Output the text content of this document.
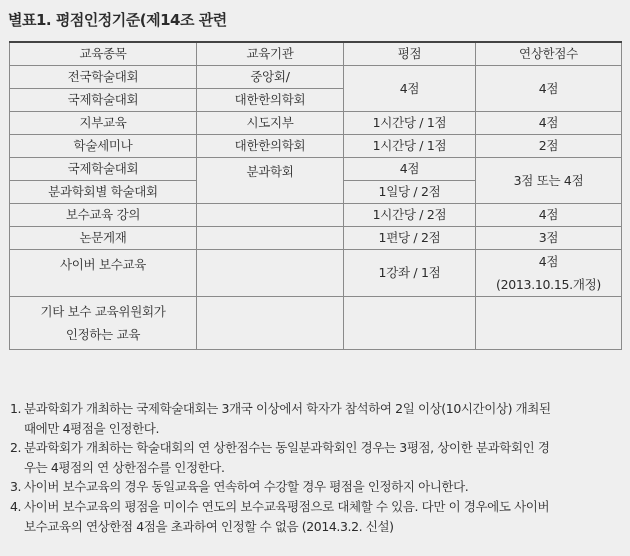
별표1. 평점인정기준(제14조 관련
교육종목	교육기관	평점	연상한점수
전국학술대회	중앙회/	4점	4점
국제학술대회	대한한의학회		
지부교육	시도지부	1시간당 / 1점	4점
학술세미나	대한한의학회	1시간당 / 1점	2점
국제학술대회	분과학회	4점	3점 또는 4점
분과학회별 학술대회		1일당 / 2점	
보수교육 강의		1시간당 / 2점	4점
논문게재		1편당 / 2점	3점
사이버 보수교육		1강좌 / 1점	4점
(2013.10.15.개정)

기타 보수 교육위원회가
인정하는 교육			

1. 분과학회가 개최하는 국제학술대회는 3개국 이상에서 학자가 참석하여 2일 이상(10시간이상) 개최된
때에만 4평점을 인정한다.
2. 분과학회가 개최하는 학술대회의 연 상한점수는 동일분과학회인 경우는 3평점, 상이한 분과학회인 경
우는 4평점의 연 상한점수를 인정한다.
3. 사이버 보수교육의 경우 동일교육을 연속하여 수강할 경우 평점을 인정하지 아니한다.
4. 사이버 보수교육의 평점을 미이수 연도의 보수교육평점으로 대체할 수 있음. 다만 이 경우에도 사이버
보수교육의 연상한점 4점을 초과하여 인정할 수 없음 (2014.3.2. 신설)
